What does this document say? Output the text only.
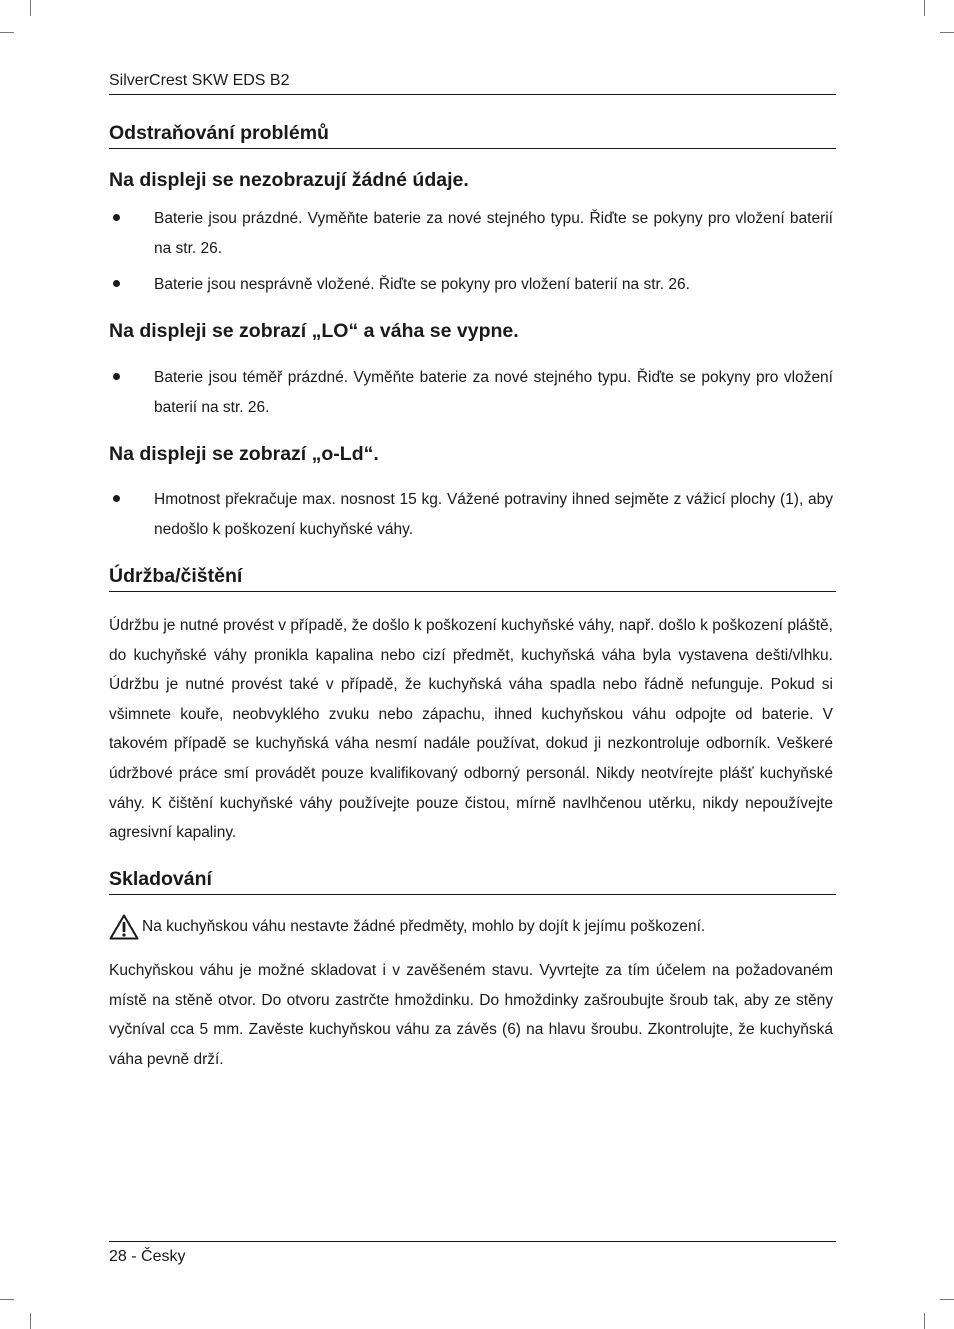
SilverCrest SKW EDS B2
Odstraňování problémů
Na displeji se nezobrazují žádné údaje.
Baterie jsou prázdné. Vyměňte baterie za nové stejného typu. Řiďte se pokyny pro vložení baterií na str. 26.
Baterie jsou nesprávně vložené. Řiďte se pokyny pro vložení baterií na str. 26.
Na displeji se zobrazí „LO“ a váha se vypne.
Baterie jsou téměř prázdné. Vyměňte baterie za nové stejného typu. Řiďte se pokyny pro vložení baterií na str. 26.
Na displeji se zobrazí „o-Ld“.
Hmotnost překračuje max. nosnost 15 kg. Vážené potraviny ihned sejměte z vážicí plochy (1), aby nedošlo k poškození kuchyňské váhy.
Údržba/čištění

Údržbu je nutné provést v případě, že došlo k poškození kuchyňské váhy, např. došlo k poškození pláště, do kuchyňské váhy pronikla kapalina nebo cizí předmět, kuchyňská váha byla vystavena dešti/vlhku. Údržbu je nutné provést také v případě, že kuchyňská váha spadla nebo řádně nefunguje. Pokud si všimnete kouře, neobvyklého zvuku nebo zápachu, ihned kuchyňskou váhu odpojte od baterie. V takovém případě se kuchyňská váha nesmí nadále používat, dokud ji nezkontroluje odborník. Veškeré údržbové práce smí provádět pouze kvalifikovaný odborný personál. Nikdy neotvírejte plášť kuchyňské váhy. K čištění kuchyňské váhy používejte pouze čistou, mírně navlhčenou utěrku, nikdy nepoužívejte agresivní kapaliny.

Skladování
Na kuchyňskou váhu nestavte žádné předměty, mohlo by dojít k jejímu poškození.

Kuchyňskou váhu je možné skladovat i v zavěšeném stavu. Vyvrtejte za tím účelem na požadovaném místě na stěně otvor. Do otvoru zastrčte hmoždinku. Do hmoždinky zašroubujte šroub tak, aby ze stěny vyčníval cca 5 mm. Zavěste kuchyňskou váhu za závěs (6) na hlavu šroubu. Zkontrolujte, že kuchyňská váha pevně drží.

28 - Česky
